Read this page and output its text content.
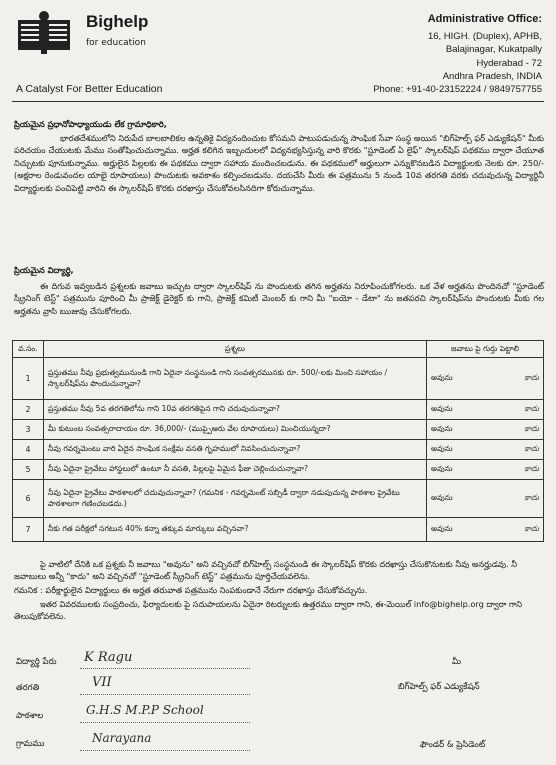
Bighelp
for education
A Catalyst For Better Education
Administrative Office:
16, HIGH. (Duplex), APHB,
Balajinagar, Kukatpally
Hyderabad - 72
Andhra Pradesh, INDIA
Phone: +91-40-23152224 / 9849757755
ప్రియమైన ప్రధానోపాధ్యాయుడు లేక గ్రామాధికారి,
భారతదేశములోని నిరుపేద బాలబాలికల ఉన్నతికై విద్యనందించుట కోసమని పాటుపడుచున్న సాంఘిక సేవా సంస్థ అయిన "బిగ్‌హెల్ప్ ఫర్ ఎడ్యుకేషన్" మీకు పరిచయం చేయుటకు మేము సంతోషించుచున్నాము. అర్హత కలిగిన ఇబ్బందులలో విద్యనభ్యసిస్తున్న వారి కొరకు "స్టూడెంట్ ఏ లైఫ్" స్కాలర్‌షిప్ పథకము ద్వారా చేయూత నిచ్చుటకు పూనుకున్నాము. అర్హులైన పిల్లలకు ఈ పథకము ద్వారా సహాయ మందించబడును. ఈ పథకములో అర్హులుగా ఎన్నుకొనబడిన విద్యార్థులకు నెలకు రూ. 250/- (అక్షరాల రెండువందల యాభై రూపాయలు) పొందుటకు అవకాశం కల్పించబడును. దయచేసి మీరు ఈ పత్రమును 5 నుండి 10వ తరగతి వరకు చదువుచున్న విద్యార్థినీ విద్యార్థులకు పంచిపెట్టి వారిని ఈ స్కాలర్‌షిప్ కొరకు దరఖాస్తు చేసుకోవలసినదిగా కోరుచున్నాము.
ప్రియమైన విద్యార్థి,
ఈ దిగువ ఇవ్వబడిన ప్రశ్నలకు జవాబు ఇచ్చుట ద్వారా స్కాలర్‌షిప్ ను పొందుటకు తగిన అర్హతను నిరూపించుకోగలరు. ఒక వేళ అర్హతను పొందినచో "స్టూడెంట్ స్క్రీనింగ్ టెస్ట్" పత్రమును పూరించి మీ ప్రాజెక్ట్ డైరెక్టర్ కు గాని, ప్రాజెక్ట్ కమిటీ మెంబర్ కు గాని మీ "బయో - డేటా" ను జతపరచి స్కాలర్‌షిప్‌ను పొందుటకు మీకు గల అర్హతను వ్రాసి ఋజువు చేసుకోగలరు.
వ.సం.	ప్రశ్నలు	జవాబు పై గుర్తు పెట్టాలి
1	ప్రస్తుతము నీవు ప్రభుత్వమునుండి గాని ఏదైనా సంస్థనుండి గాని సంవత్సరమునకు రూ. 500/-లకు మించి సహాయం / స్కాలర్‌షిప్‌ను పొందుచున్నావా?	అవును కాదు

2	ప్రస్తుతము నీవు 5వ తరగతిలోను గాని 10వ తరగతిపైన గాని చదువుచున్నావా?	అవును కాదు

3	మీ కుటుంబ సంవత్సరాదాయం రూ. 36,000/- (ముప్పైఆరు వేల రూపాయలు) మించియున్నదా?	అవును కాదు

4	నీవు గవర్నమెంటు వారి ఏదైన సాంఘిక సంక్షేమ వసతి గృహములో నివసించుచున్నావా?	అవును కాదు

5	నీవు ఏదైనా ప్రైవేటు హాస్టలులో ఉంటూ నీ వసతి, పిల్లలపై ఏమైన ఫీజు చెల్లించుచున్నావా?	అవును కాదు

6	నీవు ఏదైనా ప్రైవేటు పాఠశాలలో చదువుచున్నావా? (గమనిక - గవర్నమెంట్ సబ్సిడీ ద్వారా నడుపుచున్న పాఠశాల ప్రైవేటు పాఠశాలగా గణించబడదు.)	అవును కాదు

7	నీకు గత పరీక్షలో సగటున 40% కన్నా తక్కువ మార్కులు వచ్చినవా?	అవును కాదు
పై వాటిలో దేనికి ఒక ప్రశ్నకు నీ జవాబు "అవును" అని వచ్చినచో బిగ్‌హెల్ప్ సంస్థనుండి ఈ స్కాలర్‌షిప్ కొరకు దరఖాస్తు చేసుకొనుటకు నీవు అనర్హుడవు. నీ జవాబులు అన్నీ "కాదు" అని వచ్చినచో "స్టూడెంట్ స్క్రీనింగ్ టెస్ట్" పత్రమును పూర్తిచేయవలెను.
గమనిక : పరీక్షార్థులైన విద్యార్థులు ఈ అర్హత తరువాత పత్రమును నింపకుండానే నేరుగా దరఖాస్తు చేసుకోవచ్చును.
ఇతర వివరములకు సంప్రదించు, ఫిర్యాదులకు పై సదుపాయలను ఏదైనా రిటర్నులకు ఉత్తరము ద్వారా గాని, ఈ-మెయిల్ info@bighelp.org ద్వారా గాని తెలుపుకోవలెను.
విద్యార్థి పేరు K Ragu
తరగతి	VII
పాఠశాల	G.H.S M.P.P School
గ్రామము	Narayana
మీ
బిగ్‌హెల్ప్ ఫర్ ఎడ్యుకేషన్
ఫౌండర్ & ప్రెసిడెంట్
